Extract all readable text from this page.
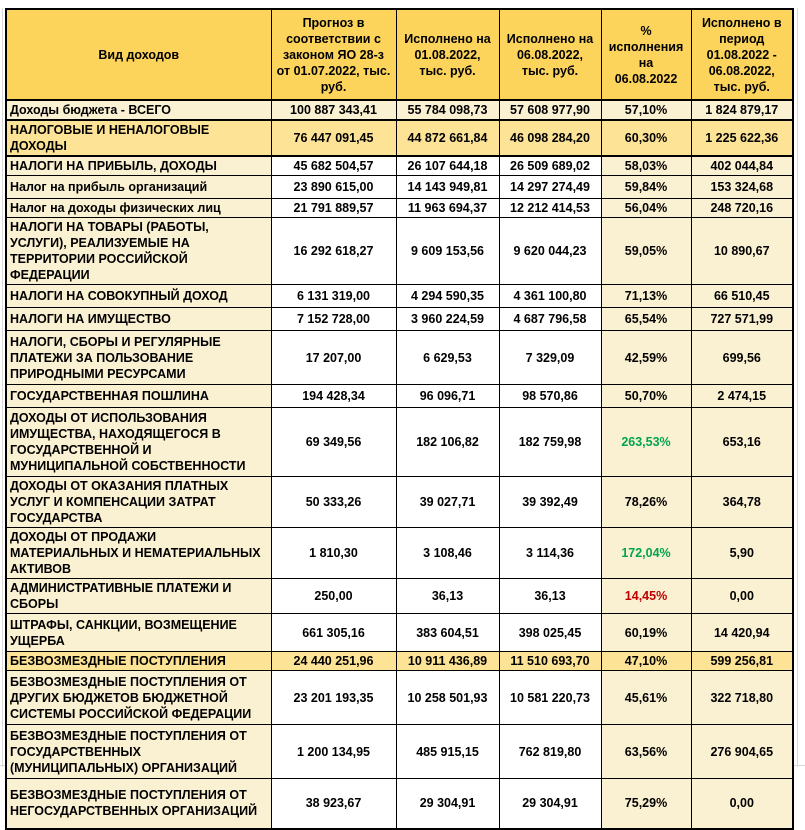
Вид доходов	Прогноз в соответствии с законом ЯО 28-з от 01.07.2022, тыс. руб.	Исполнено на 01.08.2022, тыс. руб.	Исполнено на 06.08.2022, тыс. руб.	% исполнения на 06.08.2022	Исполнено в период 01.08.2022 - 06.08.2022, тыс. руб.
Доходы бюджета - ВСЕГО	100 887 343,41	55 784 098,73	57 608 977,90	57,10%	1 824 879,17
НАЛОГОВЫЕ И НЕНАЛОГОВЫЕ ДОХОДЫ	76 447 091,45	44 872 661,84	46 098 284,20	60,30%	1 225 622,36
НАЛОГИ НА ПРИБЫЛЬ, ДОХОДЫ	45 682 504,57	26 107 644,18	26 509 689,02	58,03%	402 044,84
Налог на прибыль организаций	23 890 615,00	14 143 949,81	14 297 274,49	59,84%	153 324,68
Налог на доходы физических лиц	21 791 889,57	11 963 694,37	12 212 414,53	56,04%	248 720,16
НАЛОГИ НА ТОВАРЫ (РАБОТЫ, УСЛУГИ), РЕАЛИЗУЕМЫЕ НА ТЕРРИТОРИИ РОССИЙСКОЙ ФЕДЕРАЦИИ	16 292 618,27	9 609 153,56	9 620 044,23	59,05%	10 890,67
НАЛОГИ НА СОВОКУПНЫЙ ДОХОД	6 131 319,00	4 294 590,35	4 361 100,80	71,13%	66 510,45
НАЛОГИ НА ИМУЩЕСТВО	7 152 728,00	3 960 224,59	4 687 796,58	65,54%	727 571,99
НАЛОГИ, СБОРЫ И РЕГУЛЯРНЫЕ ПЛАТЕЖИ ЗА ПОЛЬЗОВАНИЕ ПРИРОДНЫМИ РЕСУРСАМИ	17 207,00	6 629,53	7 329,09	42,59%	699,56
ГОСУДАРСТВЕННАЯ ПОШЛИНА	194 428,34	96 096,71	98 570,86	50,70%	2 474,15
ДОХОДЫ ОТ ИСПОЛЬЗОВАНИЯ ИМУЩЕСТВА, НАХОДЯЩЕГОСЯ В ГОСУДАРСТВЕННОЙ И МУНИЦИПАЛЬНОЙ СОБСТВЕННОСТИ	69 349,56	182 106,82	182 759,98	263,53%	653,16
ДОХОДЫ ОТ ОКАЗАНИЯ ПЛАТНЫХ УСЛУГ И КОМПЕНСАЦИИ ЗАТРАТ ГОСУДАРСТВА	50 333,26	39 027,71	39 392,49	78,26%	364,78
ДОХОДЫ ОТ ПРОДАЖИ МАТЕРИАЛЬНЫХ И НЕМАТЕРИАЛЬНЫХ АКТИВОВ	1 810,30	3 108,46	3 114,36	172,04%	5,90
АДМИНИСТРАТИВНЫЕ ПЛАТЕЖИ И СБОРЫ	250,00	36,13	36,13	14,45%	0,00
ШТРАФЫ, САНКЦИИ, ВОЗМЕЩЕНИЕ УЩЕРБА	661 305,16	383 604,51	398 025,45	60,19%	14 420,94
БЕЗВОЗМЕЗДНЫЕ ПОСТУПЛЕНИЯ	24 440 251,96	10 911 436,89	11 510 693,70	47,10%	599 256,81
БЕЗВОЗМЕЗДНЫЕ ПОСТУПЛЕНИЯ ОТ ДРУГИХ БЮДЖЕТОВ БЮДЖЕТНОЙ СИСТЕМЫ РОССИЙСКОЙ ФЕДЕРАЦИИ	23 201 193,35	10 258 501,93	10 581 220,73	45,61%	322 718,80
БЕЗВОЗМЕЗДНЫЕ ПОСТУПЛЕНИЯ ОТ ГОСУДАРСТВЕННЫХ (МУНИЦИПАЛЬНЫХ) ОРГАНИЗАЦИЙ	1 200 134,95	485 915,15	762 819,80	63,56%	276 904,65
БЕЗВОЗМЕЗДНЫЕ ПОСТУПЛЕНИЯ ОТ НЕГОСУДАРСТВЕННЫХ ОРГАНИЗАЦИЙ	38 923,67	29 304,91	29 304,91	75,29%	0,00
